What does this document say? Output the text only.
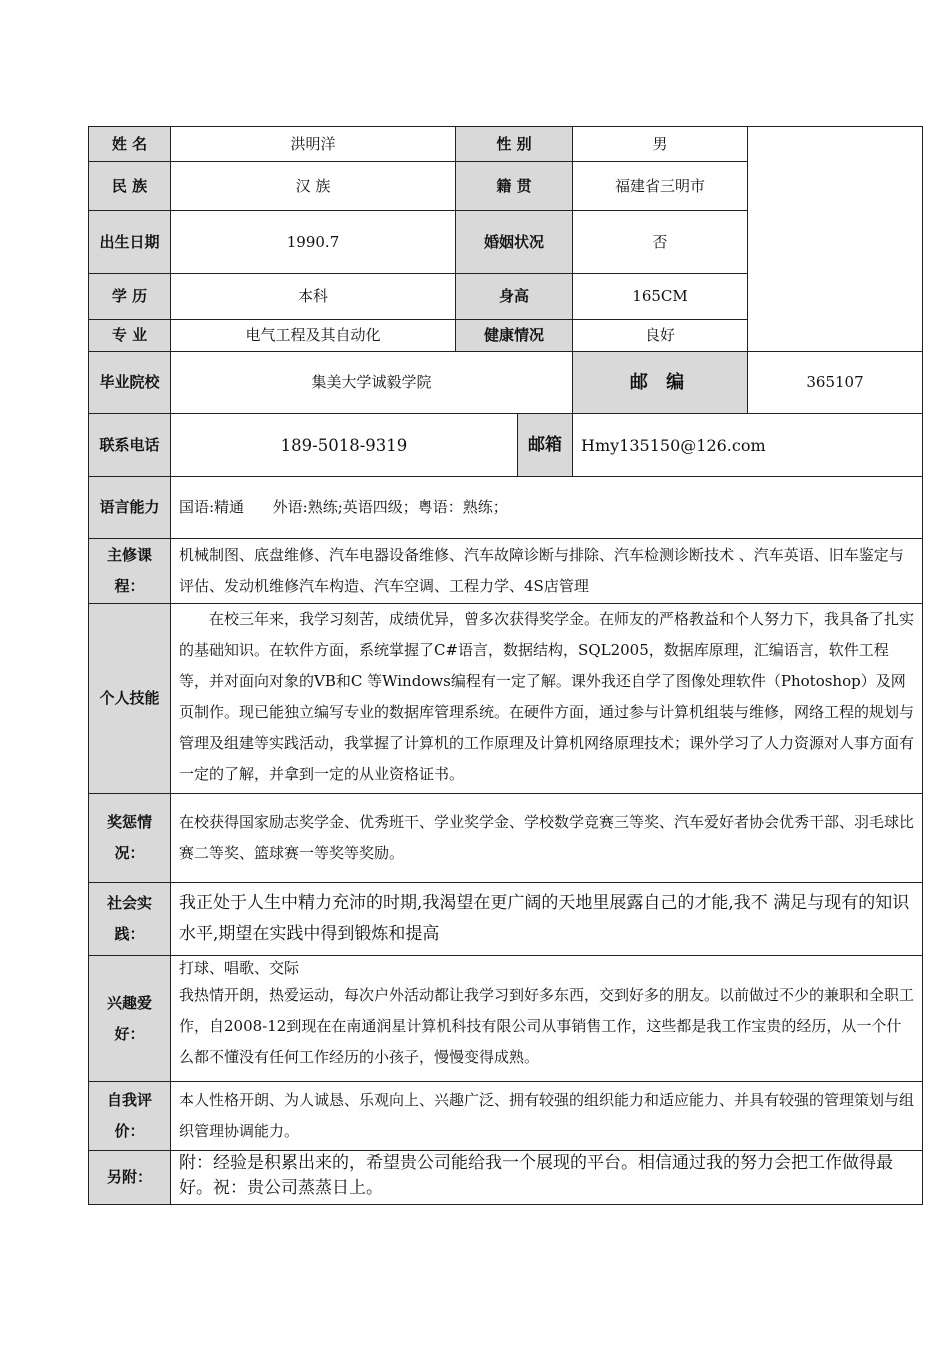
姓 名	洪明洋	性 别		男	
民 族	汉 族	籍 贯		福建省三明市	
出生日期	1990.7	婚姻状况		否	
学 历	本科	身高		165CM	
专 业	电气工程及其自动化	健康情况		良好	
毕业院校	集美大学诚毅学院			邮 编	365107
联系电话	189-5018-9319		邮箱	Hmy135150@126.com	
语言能力	国语:精通      外语:熟练;英语四级；粤语：熟练；				
主修课程：	机械制图、底盘维修、汽车电器设备维修、汽车故障诊断与排除、汽车检测诊断技术 、汽车英语、旧车鉴定与评估、发动机维修汽车构造、汽车空调、工程力学、4S店管理				
个人技能	在校三年来，我学习刻苦，成绩优异，曾多次获得奖学金。在师友的严格教益和个人努力下，我具备了扎实的基础知识。在软件方面，系统掌握了C#语言，数据结构，SQL2005，数据库原理，汇编语言，软件工程等，并对面向对象的VB和C 等Windows编程有一定了解。课外我还自学了图像处理软件（Photoshop）及网页制作。现已能独立编写专业的数据库管理系统。在硬件方面，通过参与计算机组装与维修，网络工程的规划与管理及组建等实践活动，我掌握了计算机的工作原理及计算机网络原理技术；课外学习了人力资源对人事方面有一定的了解，并拿到一定的从业资格证书。				
奖惩情况：	在校获得国家励志奖学金、优秀班干、学业奖学金、学校数学竞赛三等奖、汽车爱好者协会优秀干部、羽毛球比赛二等奖、篮球赛一等奖等奖励。				
社会实践：	我正处于人生中精力充沛的时期,我渴望在更广阔的天地里展露自己的才能,我不 满足与现有的知识水平,期望在实践中得到锻炼和提高				
兴趣爱好：	打球、唱歌、交际
我热情开朗，热爱运动，每次户外活动都让我学习到好多东西，交到好多的朋友。以前做过不少的兼职和全职工作，自2008-12到现在在南通润星计算机科技有限公司从事销售工作，这些都是我工作宝贵的经历，从一个什么都不懂没有任何工作经历的小孩子，慢慢变得成熟。				

自我评价：	本人性格开朗、为人诚恳、乐观向上、兴趣广泛、拥有较强的组织能力和适应能力、并具有较强的管理策划与组织管理协调能力。				
另附：	附：经验是积累出来的，希望贵公司能给我一个展现的平台。相信通过我的努力会把工作做得最好。祝：贵公司蒸蒸日上。				
